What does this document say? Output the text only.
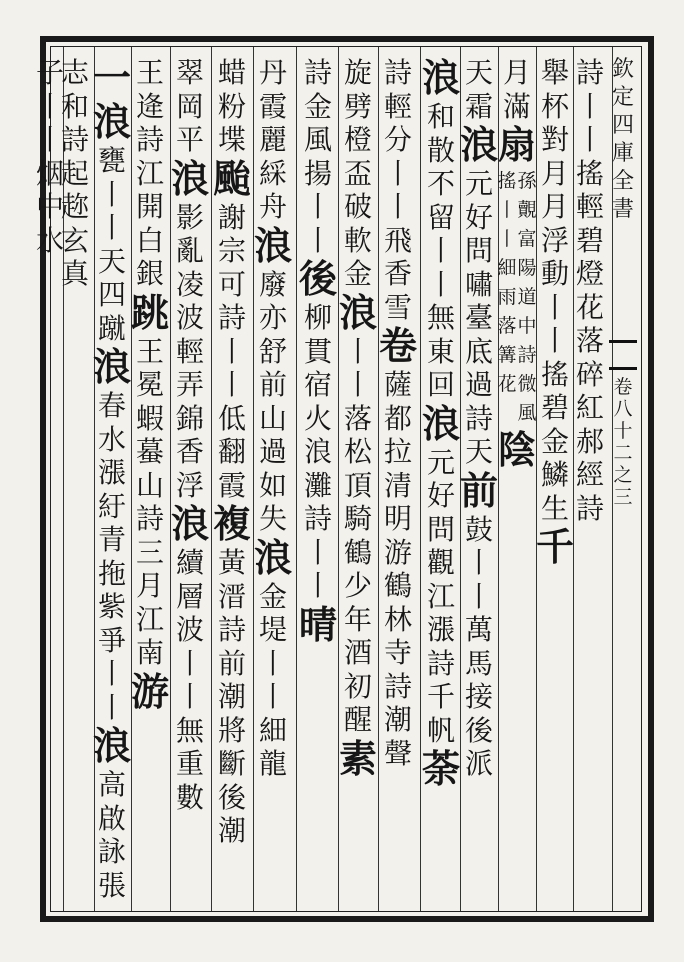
詩
丨
丨
搖
輕
碧
燈
花
落
碎
紅
郝
經
詩
舉
杯
對
月
月
浮
動
丨
丨
搖
碧
金
鱗
生
千
月
滿
扇
搖 孫
丨 覿
丨 富
細 陽
雨 道
落 中
篝 詩
花 微
風
陰
天
霜
浪
元
好
問
嘯
臺
底
過
詩
天
前
鼓
丨
丨
萬
馬
接
後
派
浪
和
散
不
留
丨
丨
無
東
回
浪
元
好
問
觀
江
漲
詩
千
帆
荼
詩
輕
分
丨
丨
飛
香
雪
卷
薩
都
拉
清
明
游
鶴
林
寺
詩
潮
聲
旋
劈
橙
盃
破
軟
金
浪
丨
丨
落
松
頂
騎
鶴
少
年
酒
初
醒
素
詩
金
風
揚
丨
丨
後
柳
貫
宿
火
浪
灘
詩
丨
丨
晴
丹
霞
麗
綵
舟
浪
廢
亦
舒
前
山
過
如
失
浪
金
堤
丨
丨
細
龍
蜡
粉
堞
颱
謝
宗
可
詩
丨
丨
低
翻
霞
複
黃
溍
詩
前
潮
將
斷
後
潮
翠
岡
平
浪
影
亂
凌
波
輕
弄
錦
香
浮
浪
續
層
波
丨
丨
無
重
數
王
逄
詩
江
開
白
銀
跳
王
冕
蝦
蟇
山
詩
三
月
江
南
游
一
浪
甕
丨
丨
天
四
蹴
浪
春
水
漲
紆
青
拖
紫
爭
丨
丨
浪
高
啟
詠
張
志
和
詩
起
趂
玄
真
子
丨
丨
烟
中
水
欽
定
四
庫
全
書
卷
八
十
二
之
三
